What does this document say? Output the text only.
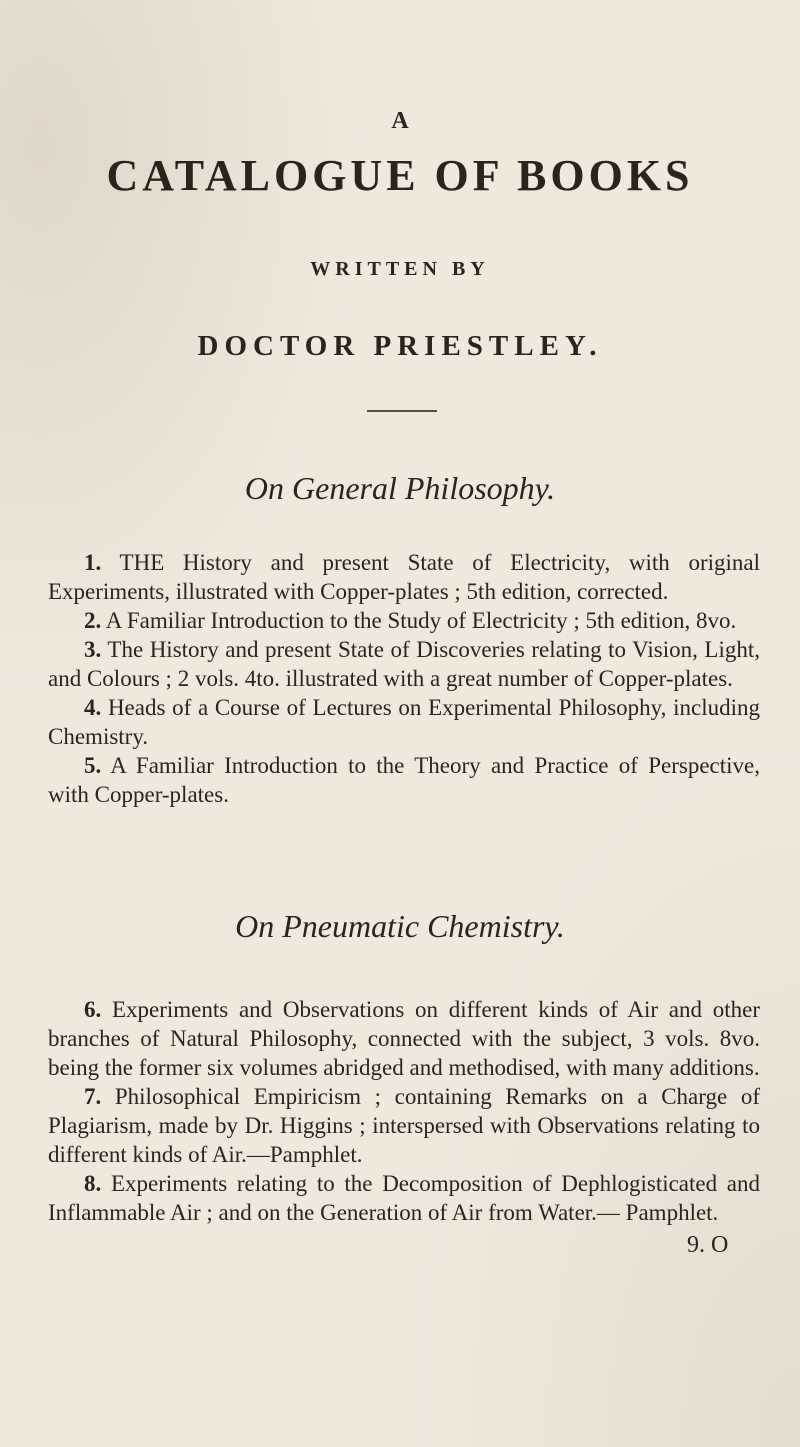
A
CATALOGUE OF BOOKS
WRITTEN BY
DOCTOR PRIESTLEY.
On General Philosophy.

1. THE History and present State of Electricity, with original Experiments, illustrated with Copper-plates ; 5th edition, corrected.

2. A Familiar Introduction to the Study of Electricity ; 5th edition, 8vo.

3. The History and present State of Discoveries relating to Vision, Light, and Colours ; 2 vols. 4to. illustrated with a great number of Copper-plates.

4. Heads of a Course of Lectures on Experimental Philosophy, including Chemistry.

5. A Familiar Introduction to the Theory and Practice of Perspective, with Copper-plates.

On Pneumatic Chemistry.

6. Experiments and Observations on different kinds of Air and other branches of Natural Philosophy, connected with the subject, 3 vols. 8vo. being the former six volumes abridged and methodised, with many additions.

7. Philosophical Empiricism ; containing Remarks on a Charge of Plagiarism, made by Dr. Higgins ; interspersed with Observations relating to different kinds of Air.—Pamphlet.

8. Experiments relating to the Decomposition of Dephlogisticated and Inflammable Air ; and on the Generation of Air from Water.— Pamphlet.

9. O
